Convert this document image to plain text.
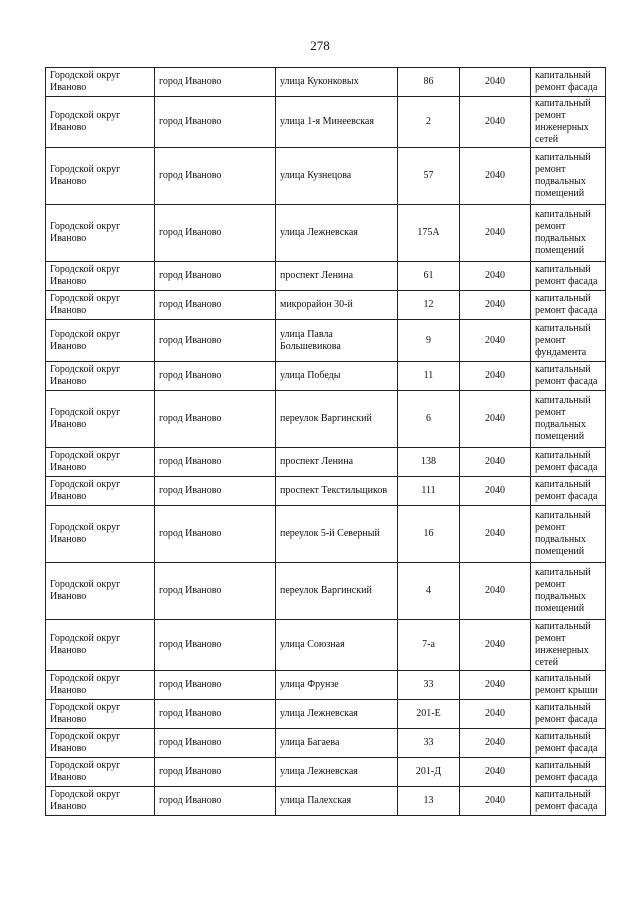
278
Городской округ Иваново	город Иваново	улица Куконковых	86	2040	капитальный ремонт фасада
Городской округ Иваново	город Иваново	улица 1-я Минеевская	2	2040	капитальный ремонт инженерных сетей
Городской округ Иваново	город Иваново	улица Кузнецова	57	2040	капитальный ремонт подвальных помещений
Городской округ Иваново	город Иваново	улица Лежневская	175А	2040	капитальный ремонт подвальных помещений
Городской округ Иваново	город Иваново	проспект Ленина	61	2040	капитальный ремонт фасада
Городской округ Иваново	город Иваново	микрорайон 30-й	12	2040	капитальный ремонт фасада
Городской округ Иваново	город Иваново	улица Павла Большевикова	9	2040	капитальный ремонт фундамента
Городской округ Иваново	город Иваново	улица Победы	11	2040	капитальный ремонт фасада
Городской округ Иваново	город Иваново	переулок Варгинский	6	2040	капитальный ремонт подвальных помещений
Городской округ Иваново	город Иваново	проспект Ленина	138	2040	капитальный ремонт фасада
Городской округ Иваново	город Иваново	проспект Текстильщиков	111	2040	капитальный ремонт фасада
Городской округ Иваново	город Иваново	переулок 5-й Северный	16	2040	капитальный ремонт подвальных помещений
Городской округ Иваново	город Иваново	переулок Варгинский	4	2040	капитальный ремонт подвальных помещений
Городской округ Иваново	город Иваново	улица Союзная	7-а	2040	капитальный ремонт инженерных сетей
Городской округ Иваново	город Иваново	улица Фрунзе	33	2040	капитальный ремонт крыши
Городской округ Иваново	город Иваново	улица Лежневская	201-Е	2040	капитальный ремонт фасада
Городской округ Иваново	город Иваново	улица Багаева	33	2040	капитальный ремонт фасада
Городской округ Иваново	город Иваново	улица Лежневская	201-Д	2040	капитальный ремонт фасада
Городской округ Иваново	город Иваново	улица Палехская	13	2040	капитальный ремонт фасада
